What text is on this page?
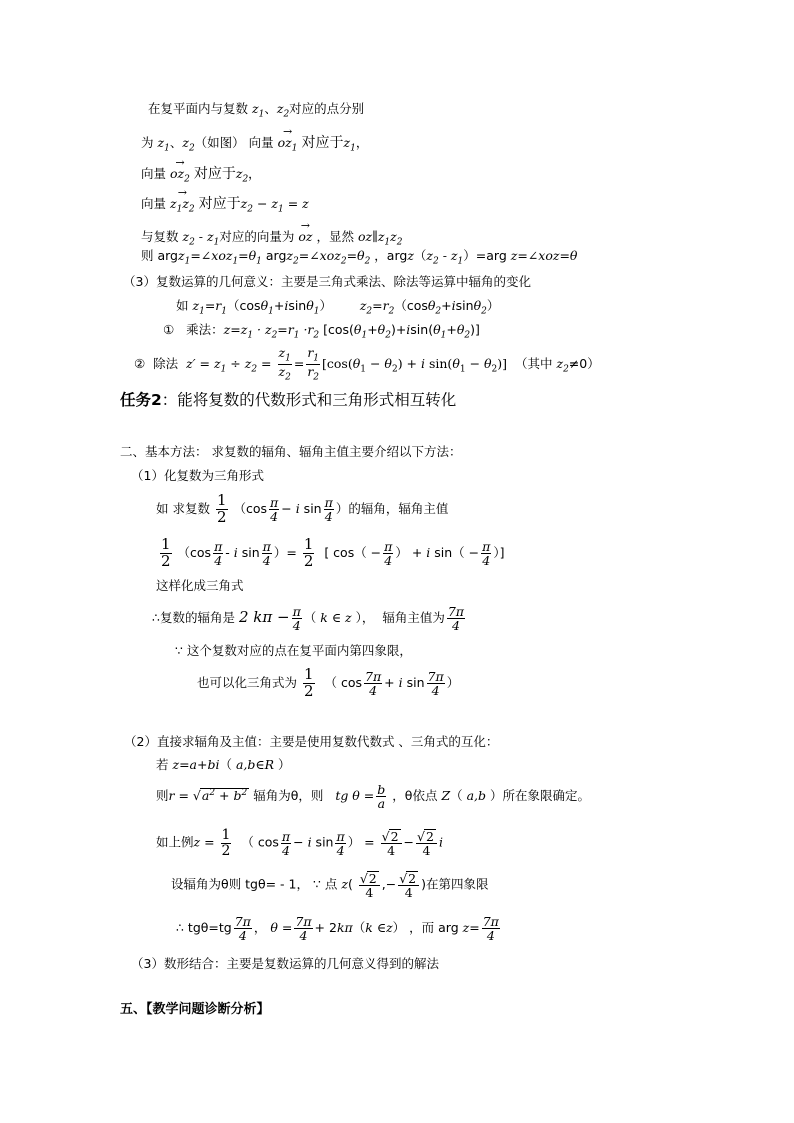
在复平面内与复数 $z_1$、$z_2$对应的点分别
为 $z_1$、$z_2$（如图） 向量 → $oz_1$ 对应于$z_1$，
向量 → $oz_2$ 对应于$z_2$，
向量 → $z_1z_2$ 对应于$z_2 - z_1 = z$
与复数 $z_2 - z_1$对应的向量为 → oz ，显然 $oz\parallel z_1z_2$
则 $argz_1=\angle xoz_1=\theta_1$ $argz_2=\angle xoz_2=\theta_2$ ，$argz(z_2 - z_1)=arg$ z=∠xoz=θ
（3）复数运算的几何意义：主要是三角式乘法、除法等运算中辐角的变化
如 $z_1=r_1(\cos\theta_1+isin\theta_1)$       $z_2=r_2(\cos\theta_2+isin\theta_2)$
① 乘法：$z=z_1 \cdot z_2=r_1 \cdot r_2$ $[\cos(\theta_1+\theta_2)+isin(\theta_1+\theta_2)]$
② 除法 $z' = z_1 \div z_2 = \frac{z_1}{z_2} = \frac{r_1}{r_2} [\cos(\theta_1 - \theta_2) + i$ $\sin(\theta_1 - \theta_2)$] （其中 $z_2\ne 0$）
任务2：能将复数的代数形式和三角形式相互转化
二、基本方法： 求复数的辐角、辐角主值主要介绍以下方法：
（1）化复数为三角形式
如 求复数 $\frac{1}{2} (\cos \frac{\pi}{4} - i$ $\sin \frac{\pi}{4}$ ）的辐角，辐角主值
$\frac{1}{2} (\cos \frac{\pi}{4}$ - i $\sin \frac{\pi}{4}$ ）= $\frac{1}{2}$ [ $\cos( - \frac{\pi}{4}$ ） + i $\sin( - \frac{\pi}{4}$ ）]
这样化成三角式
∴复数的辐角是 2 $k\pi - \frac{\pi}{4}$ （ k ∈ z ），  辐角主值为 $\frac{7\pi}{4}$
∵ 这个复数对应的点在复平面内第四象限，
也可以化三角式为 $\frac{1}{2}$ （ $\cos \frac{7\pi}{4} + i$ $\sin \frac{7\pi}{4}$ ）
（2）直接求辐角及主值：主要是使用复数代数式 、三角式的互化：
若 z=a+bi（ a,b∈R ）
则$r = √a^2 + b^2$ 辐角为θ，则 tg $\theta = \frac{b}{a}$ ，θ依点 Z（ a,b ）所在象限确定。
如上例$z = \frac{1}{2}$ （ $\cos \frac{\pi}{4} - i$ $\sin \frac{\pi}{4}$ ） = $\frac{√2}{4} - \frac{√2}{4}$ i
设辐角为θ则 tgθ= - 1， ∵ 点 $z( \frac{√2}{4}$ ,− $\frac{√2}{4}$ )在第四象限
∴ $tg\theta=tg \frac{7\pi}{4}$ ， $\theta = \frac{7\pi}{4} + 2k\pi(k$ ∈z） ，而 arg $z= \frac{7\pi}{4}$
（3）数形结合：主要是复数运算的几何意义得到的解法
五、【教学问题诊断分析】
